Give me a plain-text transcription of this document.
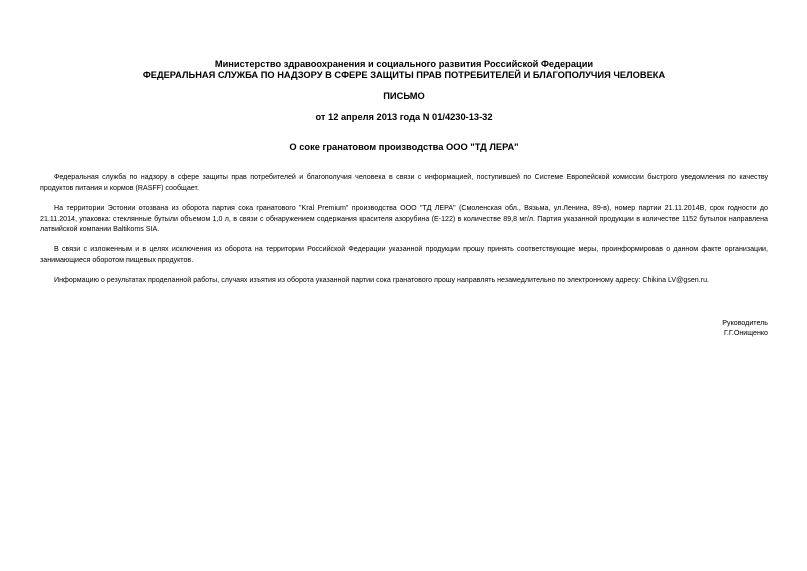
Министерство здравоохранения и социального развития Российской Федерации
ФЕДЕРАЛЬНАЯ СЛУЖБА ПО НАДЗОРУ В СФЕРЕ ЗАЩИТЫ ПРАВ ПОТРЕБИТЕЛЕЙ И БЛАГОПОЛУЧИЯ ЧЕЛОВЕКА
ПИСЬМО
от 12 апреля 2013 года N 01/4230-13-32
О соке гранатовом производства ООО "ТД ЛЕРА"

Федеральная служба по надзору в сфере защиты прав потребителей и благополучия человека в связи с информацией, поступившей по Системе Европейской комиссии быстрого уведомления по качеству продуктов питания и кормов (RASFF) сообщает.

На территории Эстонии отозвана из оборота партия сока гранатового "Kral Premium" производства ООО "ТД ЛЕРА" (Смоленская обл., Вязьма, ул.Ленина, 89-в), номер партии 21.11.2014B, срок годности до 21.11.2014, упаковка: стеклянные бутыли объемом 1,0 л, в связи с обнаружением содержания красителя азорубина (E-122) в количестве 89,8 мг/л. Партия указанной продукции в количестве 1152 бутылок направлена латвийской компании Baltikoms SIA.

В связи с изложенным и в целях исключения из оборота на территории Российской Федерации указанной продукции прошу принять соответствующие меры, проинформировав о данном факте организации, занимающиеся оборотом пищевых продуктов.

Информацию о результатах проделанной работы, случаях изъятия из оборота указанной партии сока гранатового прошу направлять незамедлительно по электронному адресу: Chikina LV@gsen.ru.

Руководитель
Г.Г.Онищенко
